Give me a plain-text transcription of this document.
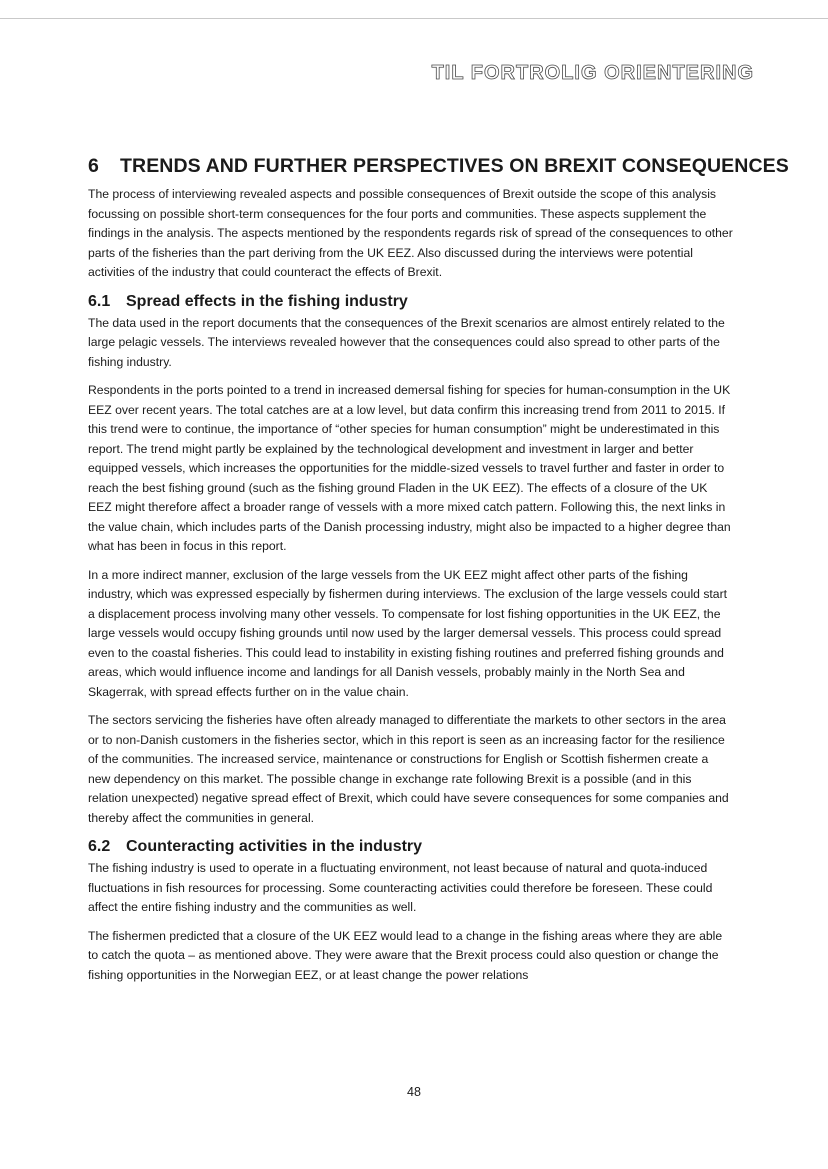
TIL FORTROLIG ORIENTERING
6 TRENDS AND FURTHER PERSPECTIVES ON BREXIT CONSEQUENCES

The process of interviewing revealed aspects and possible consequences of Brexit outside the scope of this analysis focussing on possible short-term consequences for the four ports and communities. These aspects supplement the findings in the analysis. The aspects mentioned by the respondents regards risk of spread of the consequences to other parts of the fisheries than the part deriving from the UK EEZ. Also discussed during the interviews were potential activities of the industry that could counteract the effects of Brexit.

6.1 Spread effects in the fishing industry

The data used in the report documents that the consequences of the Brexit scenarios are almost entirely related to the large pelagic vessels. The interviews revealed however that the consequences could also spread to other parts of the fishing industry.

Respondents in the ports pointed to a trend in increased demersal fishing for species for human-consumption in the UK EEZ over recent years. The total catches are at a low level, but data confirm this increasing trend from 2011 to 2015. If this trend were to continue, the importance of “other species for human consumption” might be underestimated in this report. The trend might partly be explained by the technological development and investment in larger and better equipped vessels, which increases the opportunities for the middle-sized vessels to travel further and faster in order to reach the best fishing ground (such as the fishing ground Fladen in the UK EEZ). The effects of a closure of the UK EEZ might therefore affect a broader range of vessels with a more mixed catch pattern. Following this, the next links in the value chain, which includes parts of the Danish processing industry, might also be impacted to a higher degree than what has been in focus in this report.

In a more indirect manner, exclusion of the large vessels from the UK EEZ might affect other parts of the fishing industry, which was expressed especially by fishermen during interviews. The exclusion of the large vessels could start a displacement process involving many other vessels. To compensate for lost fishing opportunities in the UK EEZ, the large vessels would occupy fishing grounds until now used by the larger demersal vessels. This process could spread even to the coastal fisheries. This could lead to instability in existing fishing routines and preferred fishing grounds and areas, which would influence income and landings for all Danish vessels, probably mainly in the North Sea and Skagerrak, with spread effects further on in the value chain.

The sectors servicing the fisheries have often already managed to differentiate the markets to other sectors in the area or to non-Danish customers in the fisheries sector, which in this report is seen as an increasing factor for the resilience of the communities. The increased service, maintenance or constructions for English or Scottish fishermen create a new dependency on this market. The possible change in exchange rate following Brexit is a possible (and in this relation unexpected) negative spread effect of Brexit, which could have severe consequences for some companies and thereby affect the communities in general.

6.2 Counteracting activities in the industry

The fishing industry is used to operate in a fluctuating environment, not least because of natural and quota-induced fluctuations in fish resources for processing. Some counteracting activities could therefore be foreseen. These could affect the entire fishing industry and the communities as well.

The fishermen predicted that a closure of the UK EEZ would lead to a change in the fishing areas where they are able to catch the quota – as mentioned above. They were aware that the Brexit process could also question or change the fishing opportunities in the Norwegian EEZ, or at least change the power relations

48
